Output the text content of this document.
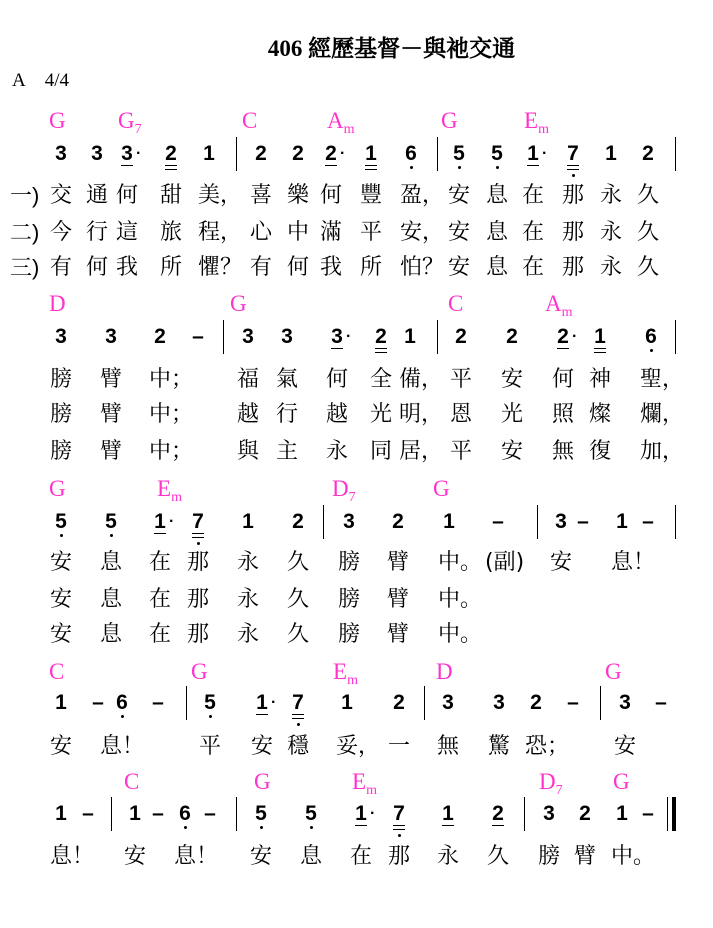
406 經歷基督－與祂交通
A 4/4
G $G_7$	C	$A_m$	G	$E_m$
3 3 3 · 2 1 2 2 2 · 1 6 5 5 1 · 7 1 2
一) 交 通 何 甜 美， 喜 樂 何 豐 盈， 安 息 在 那 永 久
二) 今 行 這 旅 程， 心 中 滿 平 安， 安 息 在 那 永 久
三) 有 何 我 所 懼？ 有 何 我 所 怕？ 安 息 在 那 永 久
D	G	C	$A_m$
3 3 2 – 3 3 3 · 2 1 2 2 2 · 1 6
膀 臂 中； 福 氣 何 全 備， 平 安 何 神 聖，
膀 臂 中； 越 行 越 光 明， 恩 光 照 燦 爛，
膀 臂 中； 與 主 永 同 居， 平 安 無 復 加，
G	$E_m$	$D_7$	G
5 5 1 · 7 1 2 3 2 1 – 3 – 1 –
安 息 在 那 永 久 膀 臂 中。 (副) 安 息！
安 息 在 那 永 久 膀 臂 中。
安 息 在 那 永 久 膀 臂 中。
C	G	$E_m$	D	G
1 – 6 – 5 1 · 7 1 2 3 3 2 – 3 –
安 息！ 平 安 穩 妥， 一 無 驚 恐； 安
C	G	$E_m$	$D_7$ G
1 – 1 – 6 – 5 5 1 · 7 1 2 3 2 1 –
息！ 安 息！ 安 息 在 那 永 久 膀 臂 中。
